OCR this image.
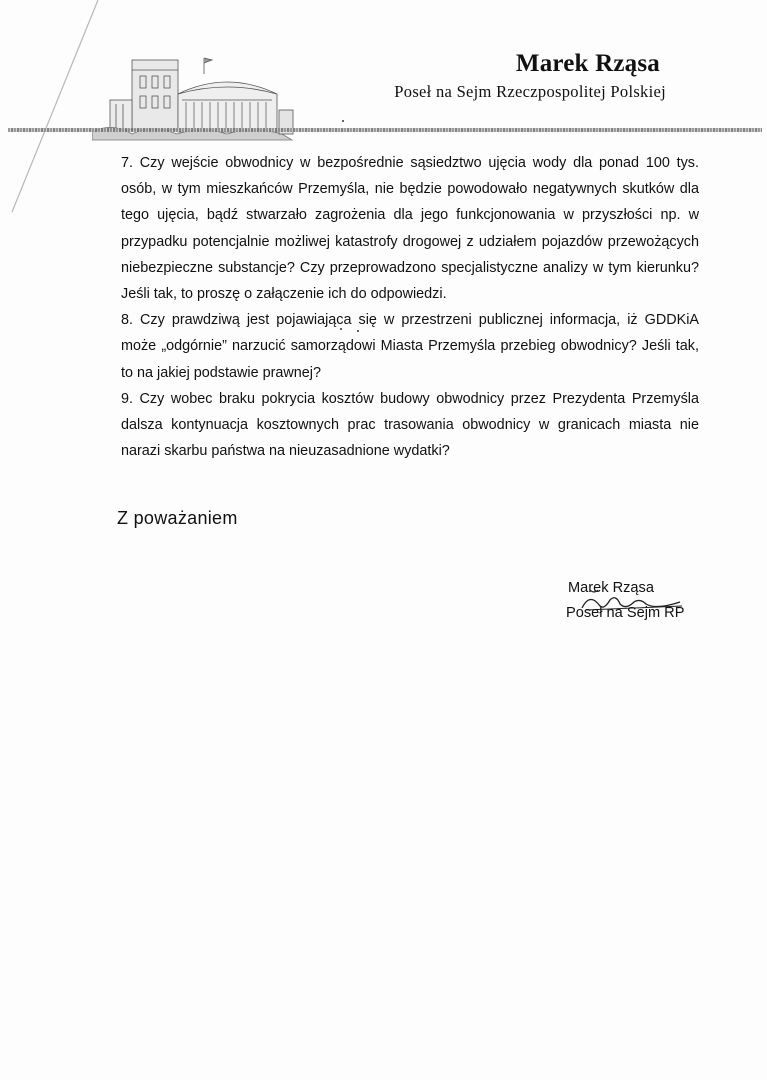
Marek Rząsa
Poseł na Sejm Rzeczpospolitej Polskiej

7. Czy wejście obwodnicy w bezpośrednie sąsiedztwo ujęcia wody dla ponad 100 tys. osób, w tym mieszkańców Przemyśla, nie będzie powodowało negatywnych skutków dla tego ujęcia, bądź stwarzało zagrożenia dla jego funkcjonowania w przyszłości np. w przypadku potencjalnie możliwej katastrofy drogowej z udziałem pojazdów przewożących niebezpieczne substancje? Czy przeprowadzono specjalistyczne analizy w tym kierunku? Jeśli tak, to proszę o załączenie ich do odpowiedzi.

8. Czy prawdziwą jest pojawiająca się w przestrzeni publicznej informacja, iż GDDKiA może „odgórnie” narzucić samorządowi Miasta Przemyśla przebieg obwodnicy? Jeśli tak, to na jakiej podstawie prawnej?

9. Czy wobec braku pokrycia kosztów budowy obwodnicy przez Prezydenta Przemyśla dalsza kontynuacja kosztownych prac trasowania obwodnicy w granicach miasta nie narazi skarbu państwa na nieuzasadnione wydatki?

Z poważaniem
Marek Rząsa
Poseł na Sejm RP
